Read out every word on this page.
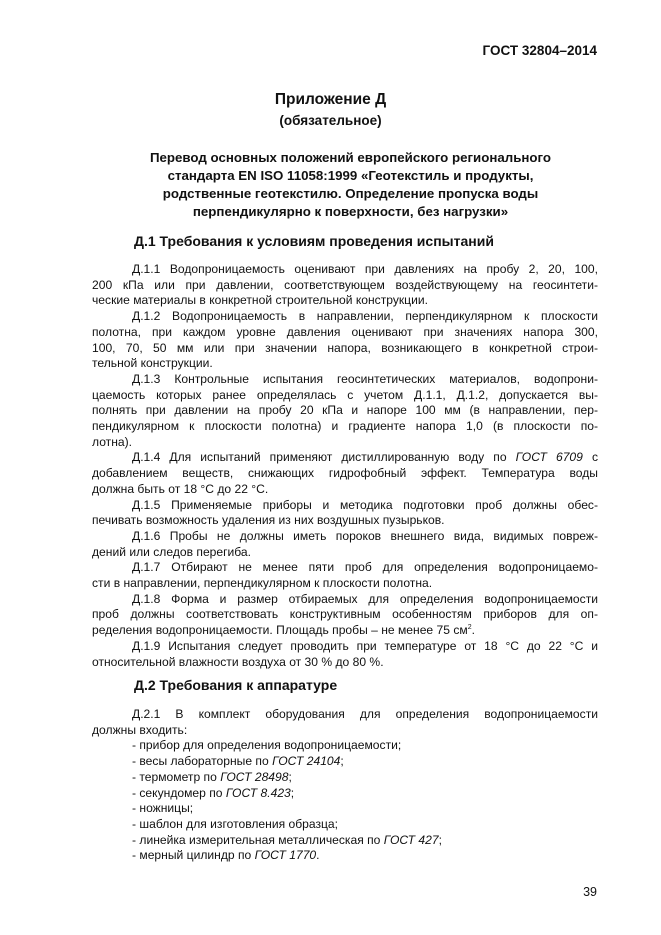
ГОСТ 32804–2014
Приложение Д
(обязательное)
Перевод основных положений европейского регионального
стандарта EN ISO 11058:1999 «Геотекстиль и продукты,
родственные геотекстилю. Определение пропуска воды
перпендикулярно к поверхности, без нагрузки»
Д.1 Требования к условиям проведения испытаний

Д.1.1 Водопроницаемость оценивают при давлениях на пробу 2, 20, 100,
200 кПа или при давлении, соответствующем воздействующему на геосинтети-
ческие материалы в конкретной строительной конструкции.

Д.1.2 Водопроницаемость в направлении, перпендикулярном к плоскости
полотна, при каждом уровне давления оценивают при значениях напора 300,
100, 70, 50 мм или при значении напора, возникающего в конкретной строи-
тельной конструкции.

Д.1.3 Контрольные испытания геосинтетических материалов, водопрони-
цаемость которых ранее определялась с учетом Д.1.1, Д.1.2, допускается вы-
полнять при давлении на пробу 20 кПа и напоре 100 мм (в направлении, пер-
пендикулярном к плоскости полотна) и градиенте напора 1,0 (в плоскости по-
лотна).

Д.1.4 Для испытаний применяют дистиллированную воду по ГОСТ 6709 с
добавлением веществ, снижающих гидрофобный эффект. Температура воды
должна быть от 18 °С до 22 °С.

Д.1.5 Применяемые приборы и методика подготовки проб должны обес-
печивать возможность удаления из них воздушных пузырьков.

Д.1.6 Пробы не должны иметь пороков внешнего вида, видимых повреж-
дений или следов перегиба.

Д.1.7 Отбирают не менее пяти проб для определения водопроницаемо-
сти в направлении, перпендикулярном к плоскости полотна.

Д.1.8 Форма и размер отбираемых для определения водопроницаемости
проб должны соответствовать конструктивным особенностям приборов для оп-
ределения водопроницаемости. Площадь пробы – не менее 75 $см^2$.

Д.1.9 Испытания следует проводить при температуре от 18 °С до 22 °С и
относительной влажности воздуха от 30 % до 80 %.

Д.2 Требования к аппаратуре

Д.2.1 В комплект оборудования для определения водопроницаемости
должны входить:

- прибор для определения водопроницаемости;
- весы лабораторные по ГОСТ 24104;
- термометр по ГОСТ 28498;
- секундомер по ГОСТ 8.423;
- ножницы;
- шаблон для изготовления образца;
- линейка измерительная металлическая по ГОСТ 427;
- мерный цилиндр по ГОСТ 1770.
39
